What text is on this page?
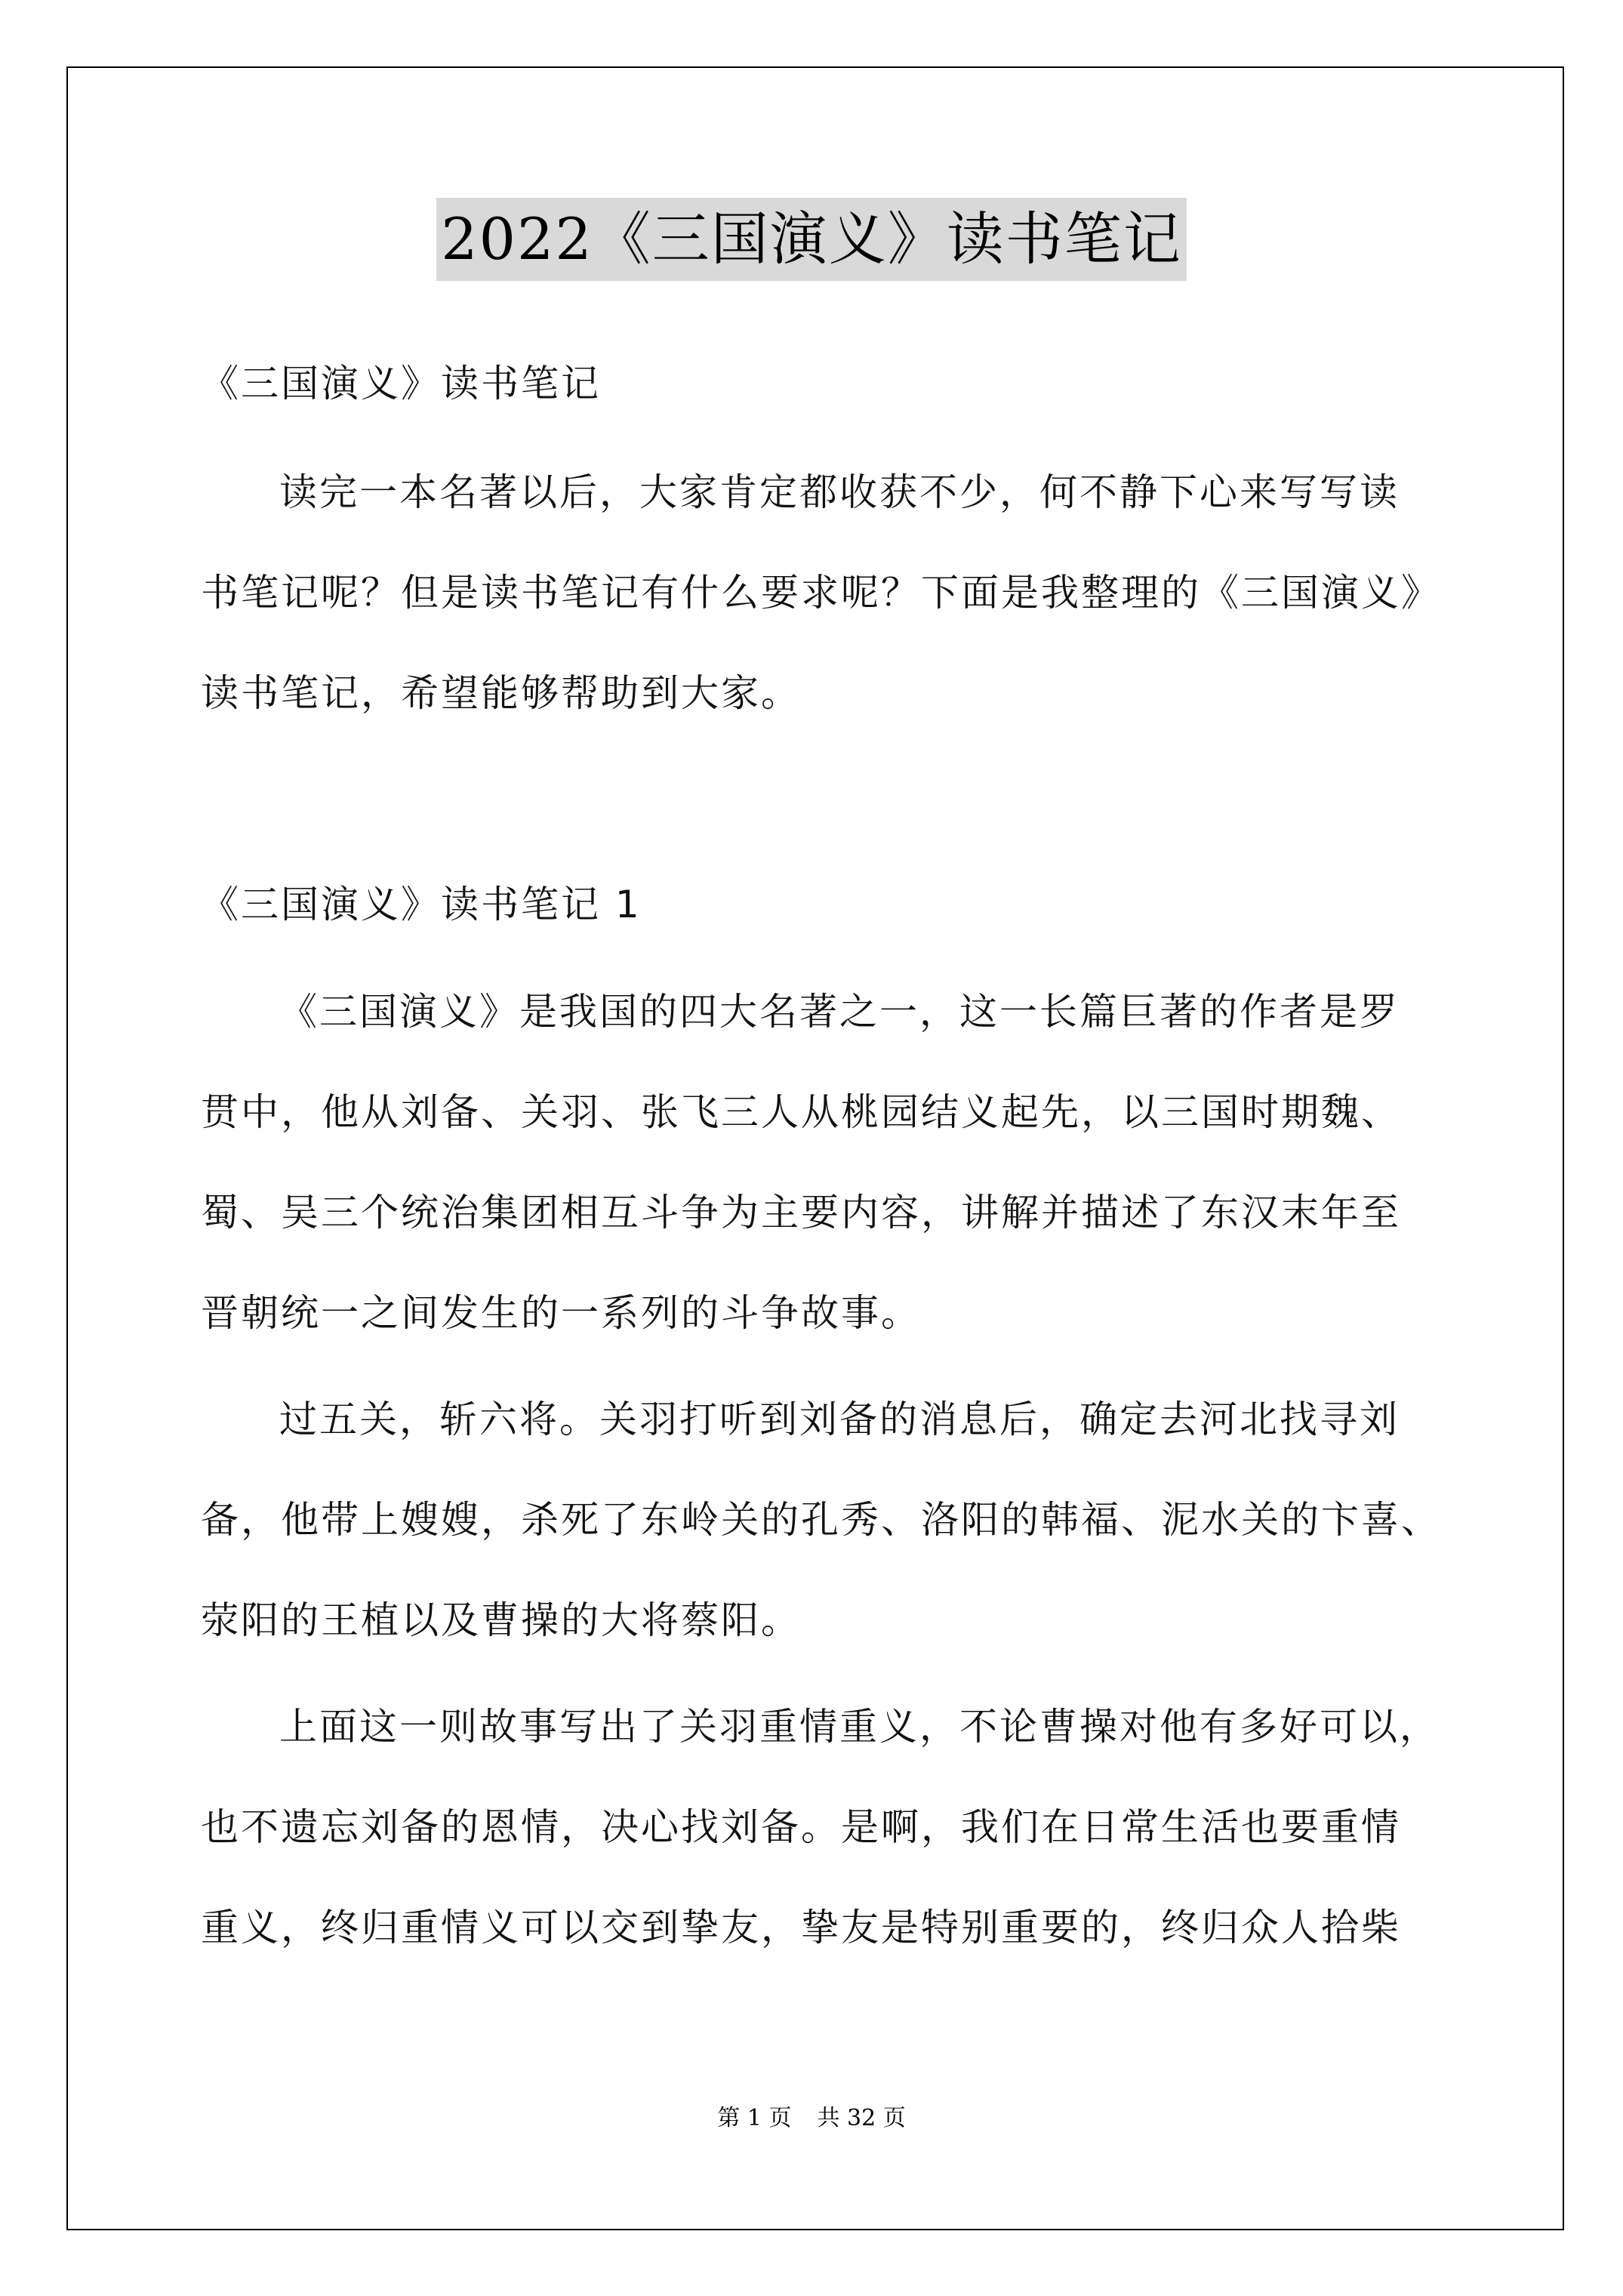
2022《三国演义》读书笔记
《三国演义》读书笔记
读完一本名著以后，大家肯定都收获不少，何不静下心来写写读
书笔记呢？但是读书笔记有什么要求呢？下面是我整理的《三国演义》
读书笔记，希望能够帮助到大家。
《三国演义》读书笔记 1
《三国演义》是我国的四大名著之一，这一长篇巨著的作者是罗
贯中，他从刘备、关羽、张飞三人从桃园结义起先，以三国时期魏、
蜀、吴三个统治集团相互斗争为主要内容，讲解并描述了东汉末年至
晋朝统一之间发生的一系列的斗争故事。
过五关，斩六将。关羽打听到刘备的消息后，确定去河北找寻刘
备，他带上嫂嫂，杀死了东岭关的孔秀、洛阳的韩福、泥水关的卞喜、
荥阳的王植以及曹操的大将蔡阳。
上面这一则故事写出了关羽重情重义，不论曹操对他有多好可以，
也不遗忘刘备的恩情，决心找刘备。是啊，我们在日常生活也要重情
重义，终归重情义可以交到挚友，挚友是特别重要的，终归众人拾柴
第 1 页 共 32 页
